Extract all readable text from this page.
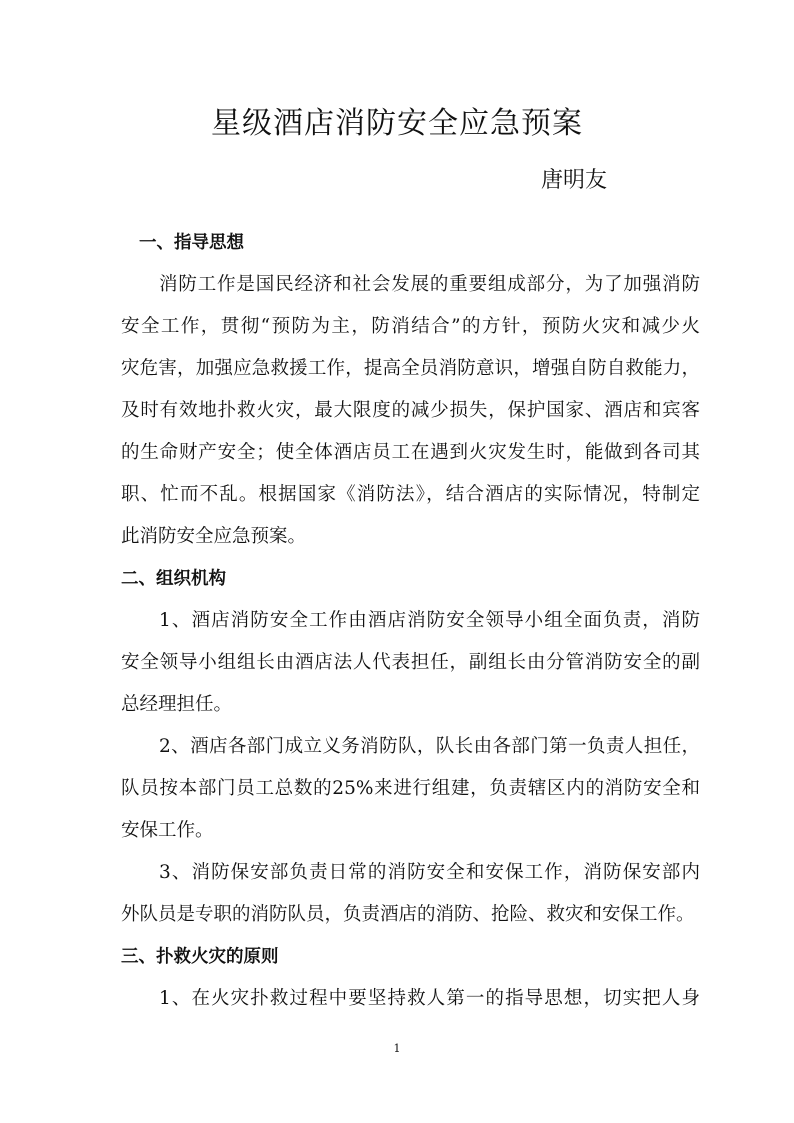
星级酒店消防安全应急预案
唐明友
一、指导思想
消防工作是国民经济和社会发展的重要组成部分，为了加强消防
安全工作，贯彻“预防为主，防消结合”的方针，预防火灾和减少火
灾危害，加强应急救援工作，提高全员消防意识，增强自防自救能力，
及时有效地扑救火灾，最大限度的减少损失，保护国家、酒店和宾客
的生命财产安全；使全体酒店员工在遇到火灾发生时，能做到各司其
职、忙而不乱。根据国家《消防法》，结合酒店的实际情况，特制定
此消防安全应急预案。
二、组织机构
1、酒店消防安全工作由酒店消防安全领导小组全面负责，消防
安全领导小组组长由酒店法人代表担任，副组长由分管消防安全的副
总经理担任。
2、酒店各部门成立义务消防队，队长由各部门第一负责人担任，
队员按本部门员工总数的25%来进行组建，负责辖区内的消防安全和
安保工作。
3、消防保安部负责日常的消防安全和安保工作，消防保安部内
外队员是专职的消防队员，负责酒店的消防、抢险、救灾和安保工作。
三、扑救火灾的原则
1、在火灾扑救过程中要坚持救人第一的指导思想，切实把人身
1
